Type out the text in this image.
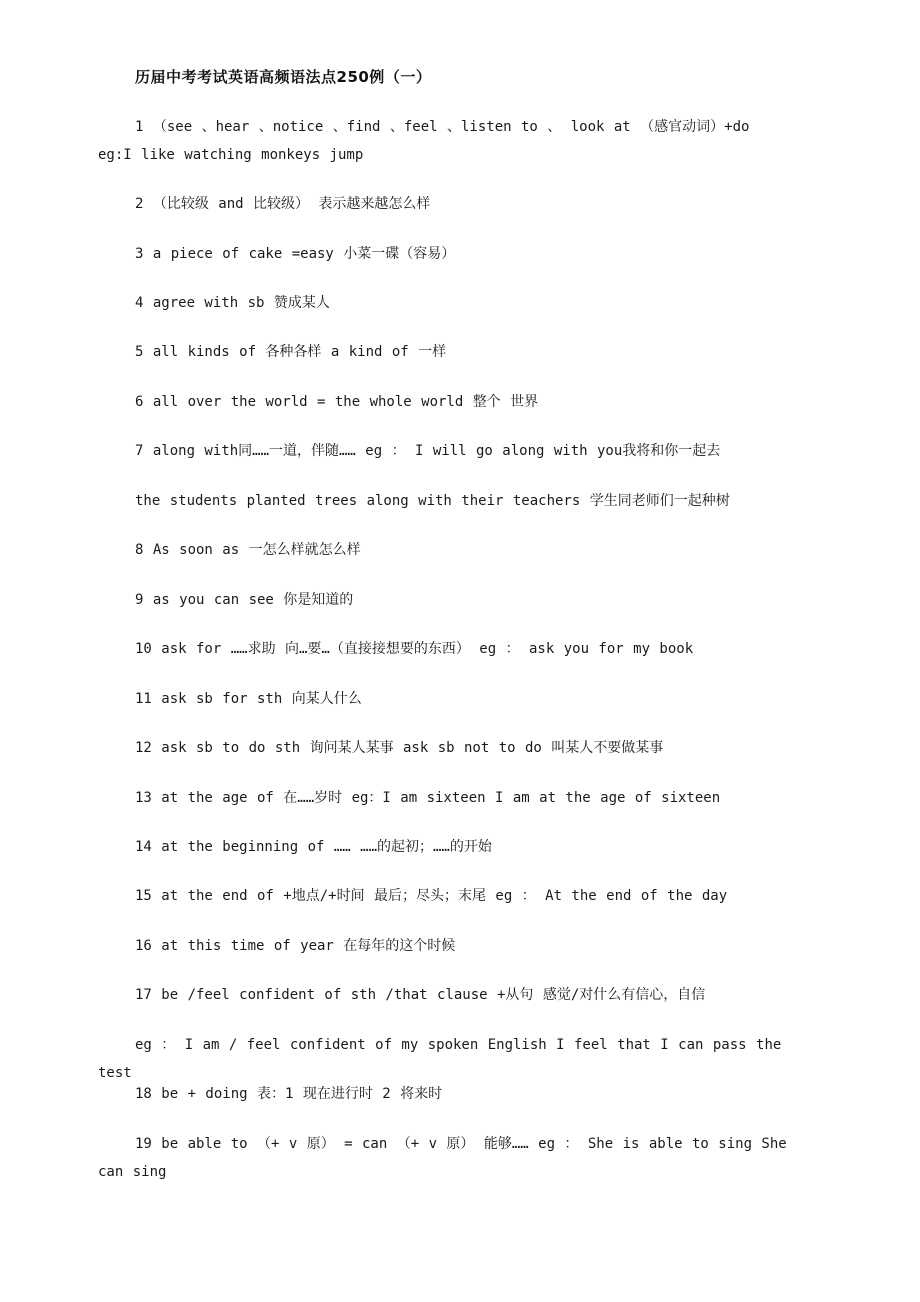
历届中考考试英语高频语法点250例（一）
1 （see 、hear 、notice 、find 、feel 、listen to 、 look at （感官动词）+do eg:I like watching monkeys jump
2 （比较级 and 比较级） 表示越来越怎么样
3 a piece of cake =easy 小菜一碟（容易）
4 agree with sb 赞成某人
5 all kinds of 各种各样 a kind of 一样
6 all over the world = the whole world 整个 世界
7 along with同……一道，伴随…… eg ： I will go along with you我将和你一起去
the students planted trees along with their teachers 学生同老师们一起种树
8 As soon as 一怎么样就怎么样
9 as you can see 你是知道的
10 ask for ……求助 向…要…（直接接想要的东西） eg ： ask you for my book
11 ask sb for sth 向某人什么
12 ask sb to do sth 询问某人某事 ask sb not to do 叫某人不要做某事
13 at the age of 在……岁时 eg：I am sixteen I am at the age of sixteen
14 at the beginning of …… ……的起初；……的开始
15 at the end of +地点/+时间 最后；尽头；末尾 eg ： At the end of the day
16 at this time of year 在每年的这个时候
17 be /feel confident of sth /that clause +从句 感觉/对什么有信心，自信
eg ： I am / feel confident of my spoken English I feel that I can pass the test
18 be + doing 表：1 现在进行时 2 将来时
19 be able to （+ v 原） = can （+ v 原） 能够…… eg ： She is able to sing She can sing
